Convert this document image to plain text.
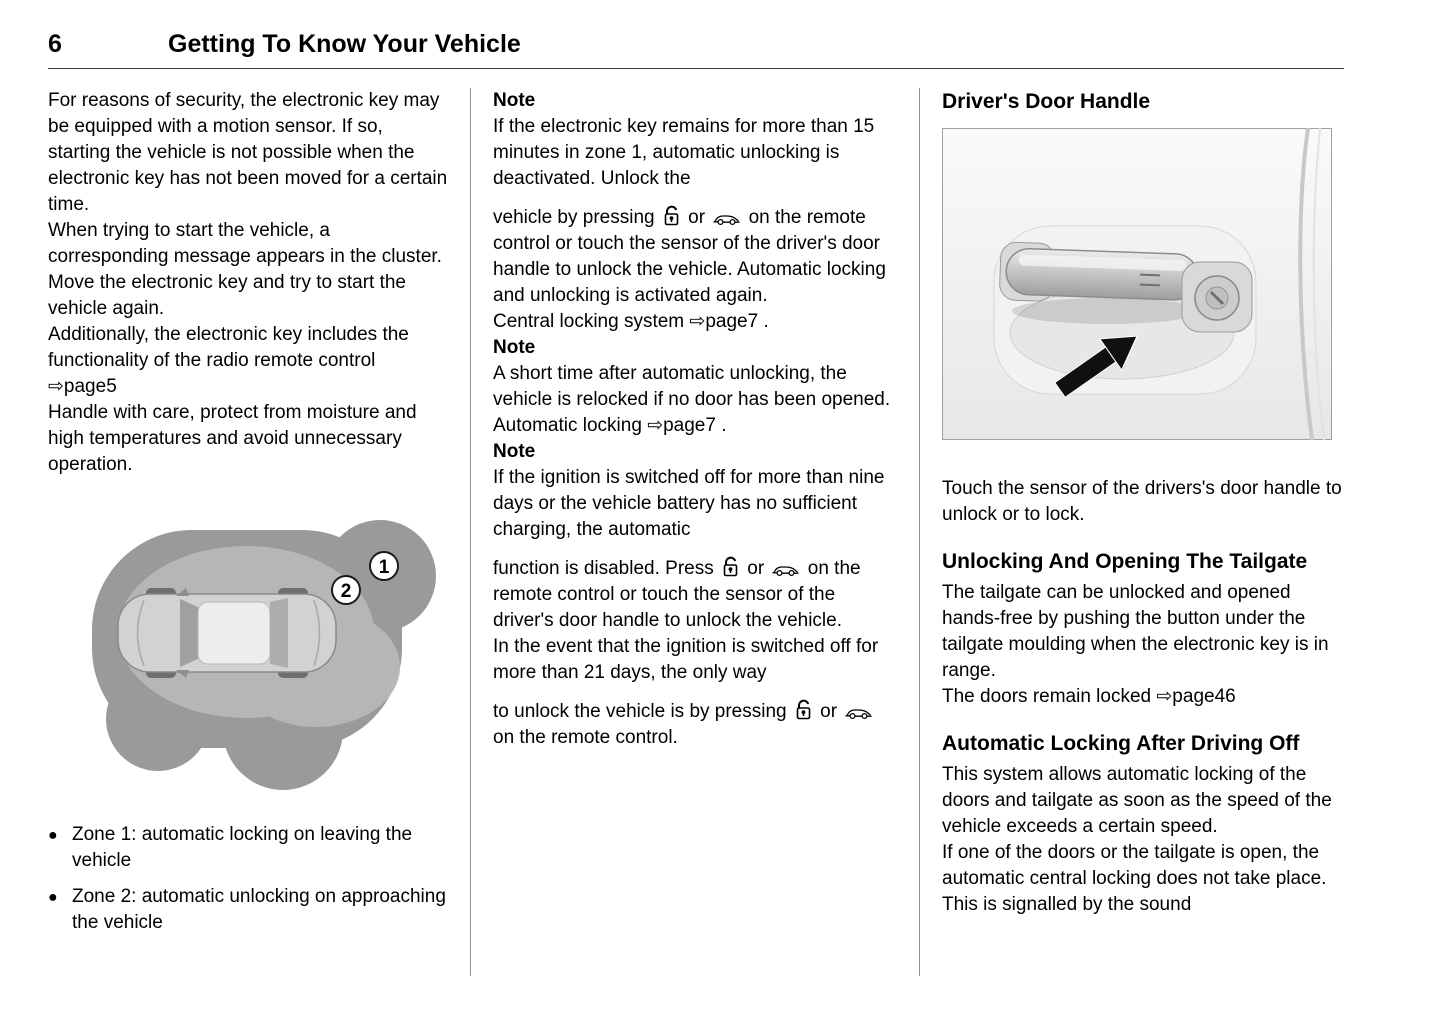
6	Getting To Know Your Vehicle

For reasons of security, the electronic key may be equipped with a motion sensor. If so, starting the vehicle is not possible when the electronic key has not been moved for a certain time.

When trying to start the vehicle, a corresponding message appears in the cluster. Move the electronic key and try to start the vehicle again.

Additionally, the electronic key includes the functionality of the radio remote control ⇨page5

Handle with care, protect from moisture and high temperatures and avoid unnecessary operation.

1
2
● Zone 1: automatic locking on leaving the vehicle
● Zone 2: automatic unlocking on approaching the vehicle

Note

If the electronic key remains for more than 15 minutes in zone 1, automatic unlocking is deactivated. Unlock the

vehicle by pressing  or  on the remote control or touch the sensor of the driver's door handle to unlock the vehicle. Automatic locking and unlocking is activated again.

Central locking system ⇨page7 .

Note

A short time after automatic unlocking, the vehicle is relocked if no door has been opened.

Automatic locking ⇨page7 .

Note

If the ignition is switched off for more than nine days or the vehicle battery has no sufficient charging, the automatic

function is disabled. Press  or  on the remote control or touch the sensor of the driver's door handle to unlock the vehicle.

In the event that the ignition is switched off for more than 21 days, the only way

to unlock the vehicle is by pressing  or  on the remote control.

Driver's Door Handle

Touch the sensor of the drivers's door handle to unlock or to lock.

Unlocking And Opening The Tailgate

The tailgate can be unlocked and opened hands-free by pushing the button under the tailgate moulding when the electronic key is in range.

The doors remain locked ⇨page46

Automatic Locking After Driving Off

This system allows automatic locking of the doors and tailgate as soon as the speed of the vehicle exceeds a certain speed.

If one of the doors or the tailgate is open, the automatic central locking does not take place. This is signalled by the sound
